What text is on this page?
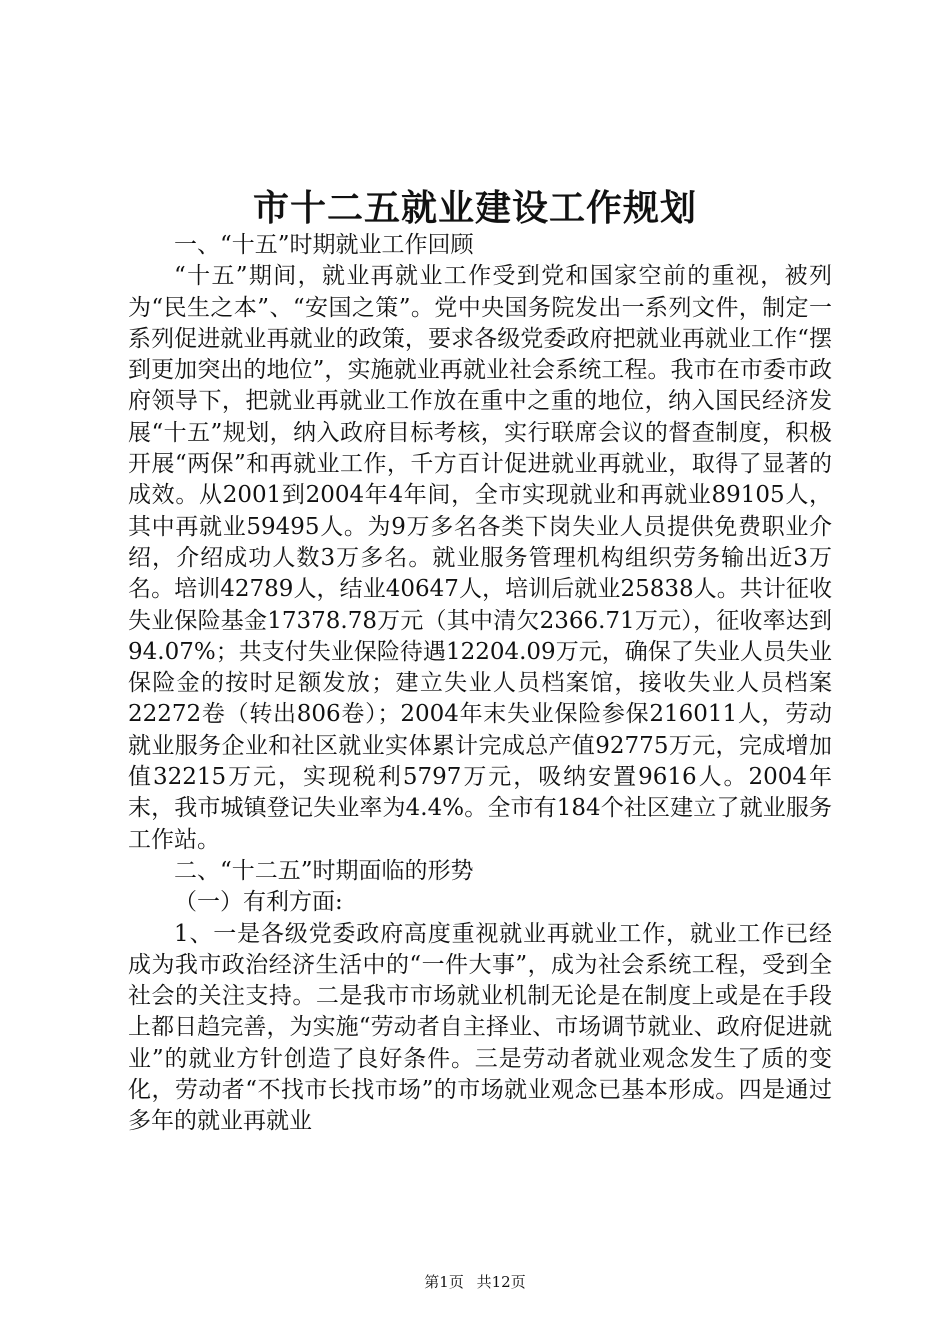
市十二五就业建设工作规划

一、“十五”时期就业工作回顾

“十五”期间，就业再就业工作受到党和国家空前的重视，被列为“民生之本”、“安国之策”。党中央国务院发出一系列文件，制定一系列促进就业再就业的政策，要求各级党委政府把就业再就业工作“摆到更加突出的地位”，实施就业再就业社会系统工程。我市在市委市政府领导下，把就业再就业工作放在重中之重的地位，纳入国民经济发展“十五”规划，纳入政府目标考核，实行联席会议的督查制度，积极开展“两保”和再就业工作，千方百计促进就业再就业，取得了显著的成效。从2001到2004年4年间，全市实现就业和再就业89105人，其中再就业59495人。为9万多名各类下岗失业人员提供免费职业介绍，介绍成功人数3万多名。就业服务管理机构组织劳务输出近3万名。培训42789人，结业40647人，培训后就业25838人。共计征收失业保险基金17378.78万元（其中清欠2366.71万元），征收率达到94.07%；共支付失业保险待遇12204.09万元，确保了失业人员失业保险金的按时足额发放；建立失业人员档案馆，接收失业人员档案22272卷（转出806卷）；2004年末失业保险参保216011人，劳动就业服务企业和社区就业实体累计完成总产值92775万元，完成增加值32215万元，实现税利5797万元，吸纳安置9616人。2004年末，我市城镇登记失业率为4.4%。全市有184个社区建立了就业服务工作站。

二、“十二五”时期面临的形势

（一）有利方面:

1、一是各级党委政府高度重视就业再就业工作，就业工作已经成为我市政治经济生活中的“一件大事”，成为社会系统工程，受到全社会的关注支持。二是我市市场就业机制无论是在制度上或是在手段上都日趋完善，为实施“劳动者自主择业、市场调节就业、政府促进就业”的就业方针创造了良好条件。三是劳动者就业观念发生了质的变化，劳动者“不找市长找市场”的市场就业观念已基本形成。四是通过多年的就业再就业

第1页 共12页
